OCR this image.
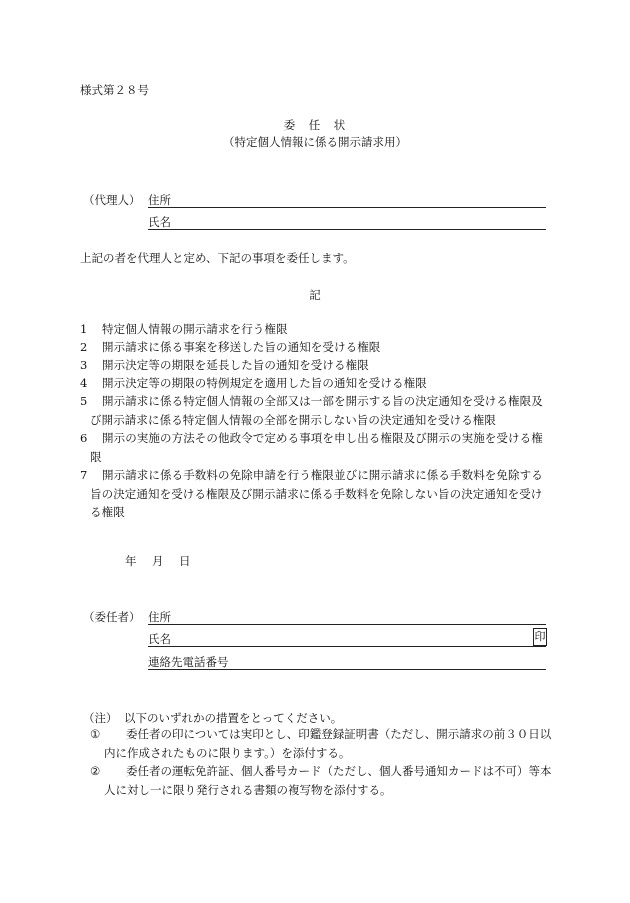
様式第２８号
委　任　状
（特定個人情報に係る開示請求用）
（代理人） 住所
氏名
上記の者を代理人と定め、下記の事項を委任します。
記
1	特定個人情報の開示請求を行う権限
2	開示請求に係る事案を移送した旨の通知を受ける権限
3	開示決定等の期限を延長した旨の通知を受ける権限
4	開示決定等の期限の特例規定を適用した旨の通知を受ける権限
5	開示請求に係る特定個人情報の全部又は一部を開示する旨の決定通知を受ける権限及び開示請求に係る特定個人情報の全部を開示しない旨の決定通知を受ける権限
6	開示の実施の方法その他政令で定める事項を申し出る権限及び開示の実施を受ける権限
7	開示請求に係る手数料の免除申請を行う権限並びに開示請求に係る手数料を免除する旨の決定通知を受ける権限及び開示請求に係る手数料を免除しない旨の決定通知を受ける権限
年　月　日
（委任者） 住所
氏名	印
連絡先電話番号
（注） 以下のいずれかの措置をとってください。
①	委任者の印については実印とし、印鑑登録証明書（ただし、開示請求の前３０日以内に作成されたものに限ります。）を添付する。
②	委任者の運転免許証、個人番号カード（ただし、個人番号通知カードは不可）等本人に対し一に限り発行される書類の複写物を添付する。
